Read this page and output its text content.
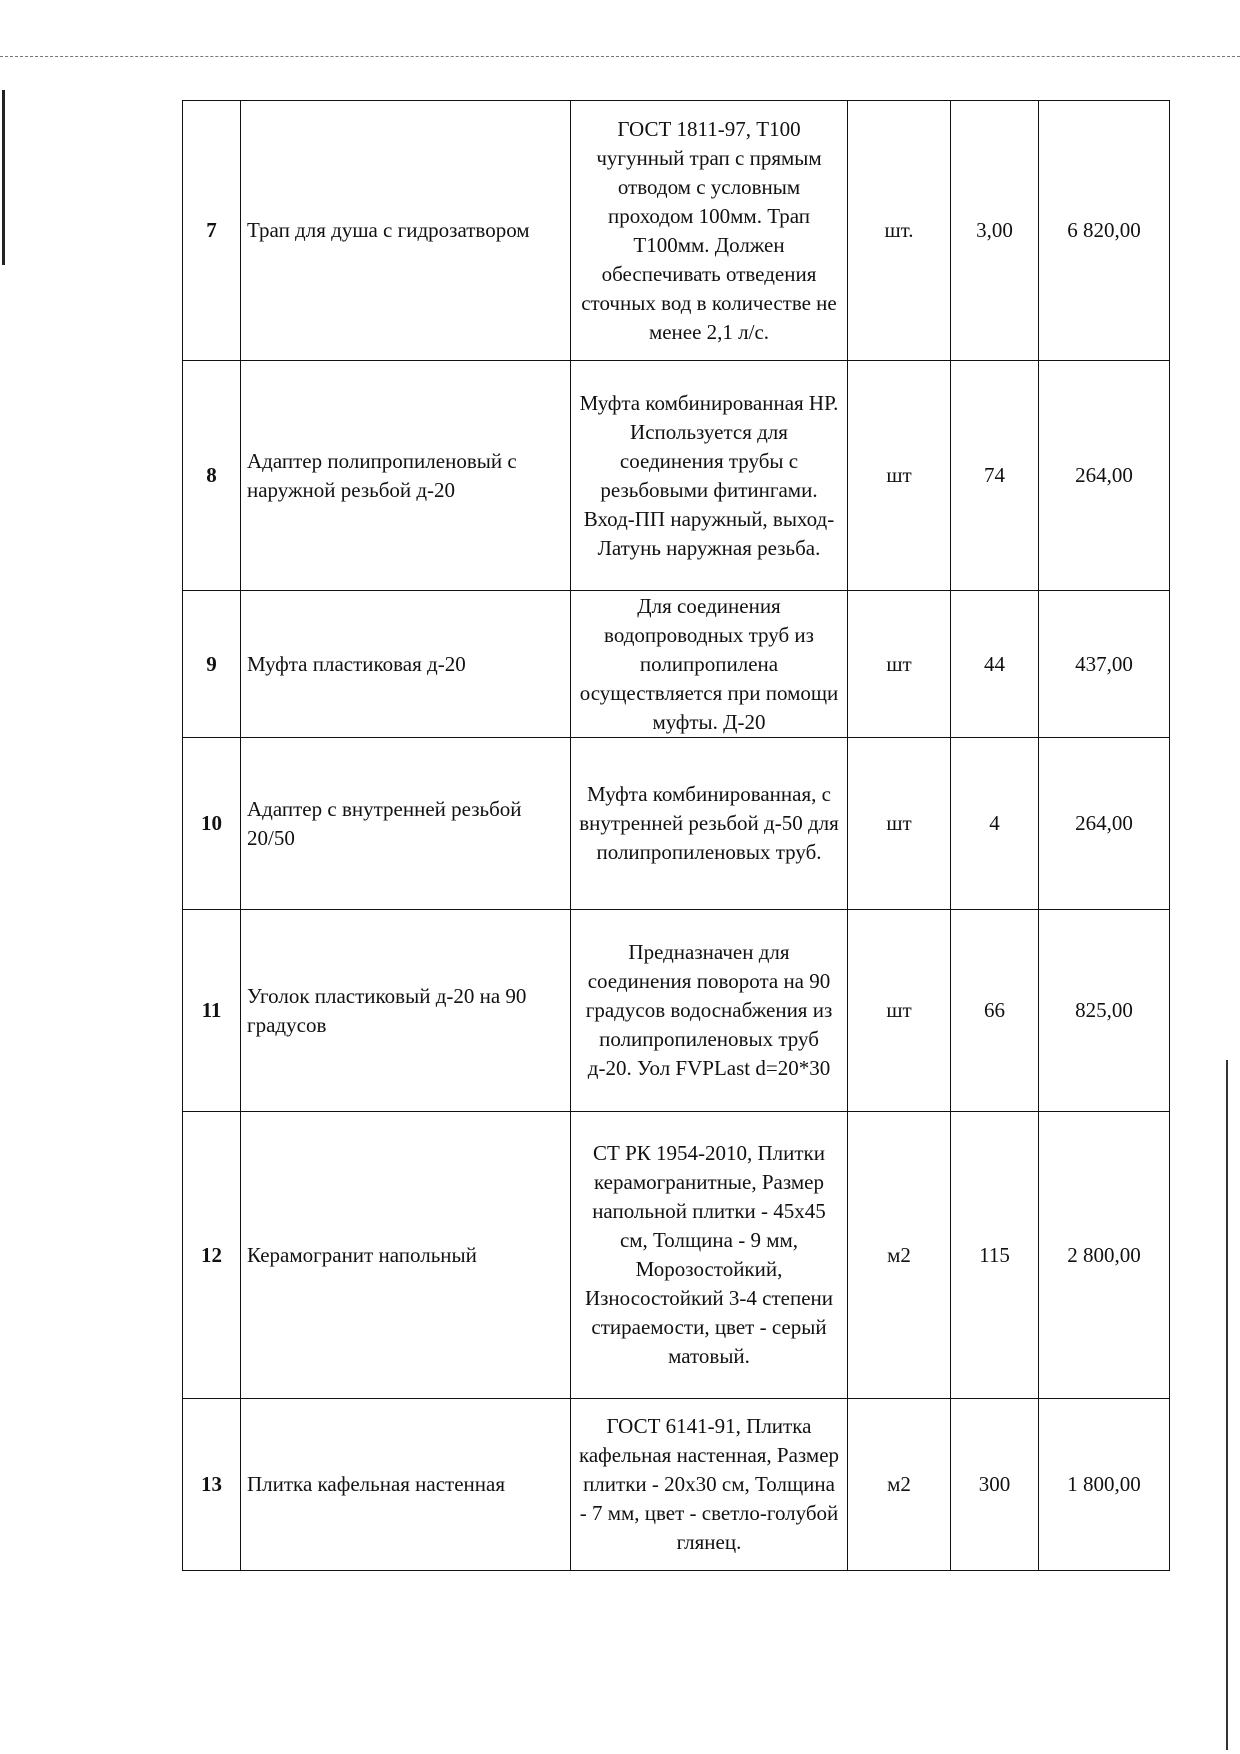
7	Трап для душа с гидрозатвором	ГОСТ 1811-97, Т100 чугунный трап с прямым отводом с условным проходом 100мм. Трап Т100мм. Должен обеспечивать отведения сточных вод в количестве не менее 2,1 л/с.	шт.	3,00	6 820,00
8	Адаптер полипропиленовый с наружной резьбой д-20	Муфта комбинированная НР. Используется для соединения трубы с резьбовыми фитингами. Вход-ПП наружный, выход-Латунь наружная резьба.	шт	74	264,00
9	Муфта пластиковая д-20	Для соединения водопроводных труб из полипропилена осуществляется при помощи муфты. Д-20	шт	44	437,00
10	Адаптер с внутренней резьбой 20/50	Муфта комбинированная, с внутренней резьбой д-50 для полипропиленовых труб.	шт	4	264,00
11	Уголок пластиковый д-20 на 90 градусов	Предназначен для соединения поворота на 90 градусов водоснабжения из полипропиленовых труб д-20. Уол FVPLast d=20*30	шт	66	825,00
12	Керамогранит напольный	СТ РК 1954-2010, Плитки керамогранитные, Размер напольной плитки - 45х45 см, Толщина - 9 мм, Морозостойкий, Износостойкий 3-4 степени стираемости, цвет - серый матовый.	м2	115	2 800,00
13	Плитка кафельная настенная	ГОСТ 6141-91, Плитка кафельная настенная, Размер плитки - 20х30 см, Толщина - 7 мм, цвет - светло-голубой глянец.	м2	300	1 800,00
